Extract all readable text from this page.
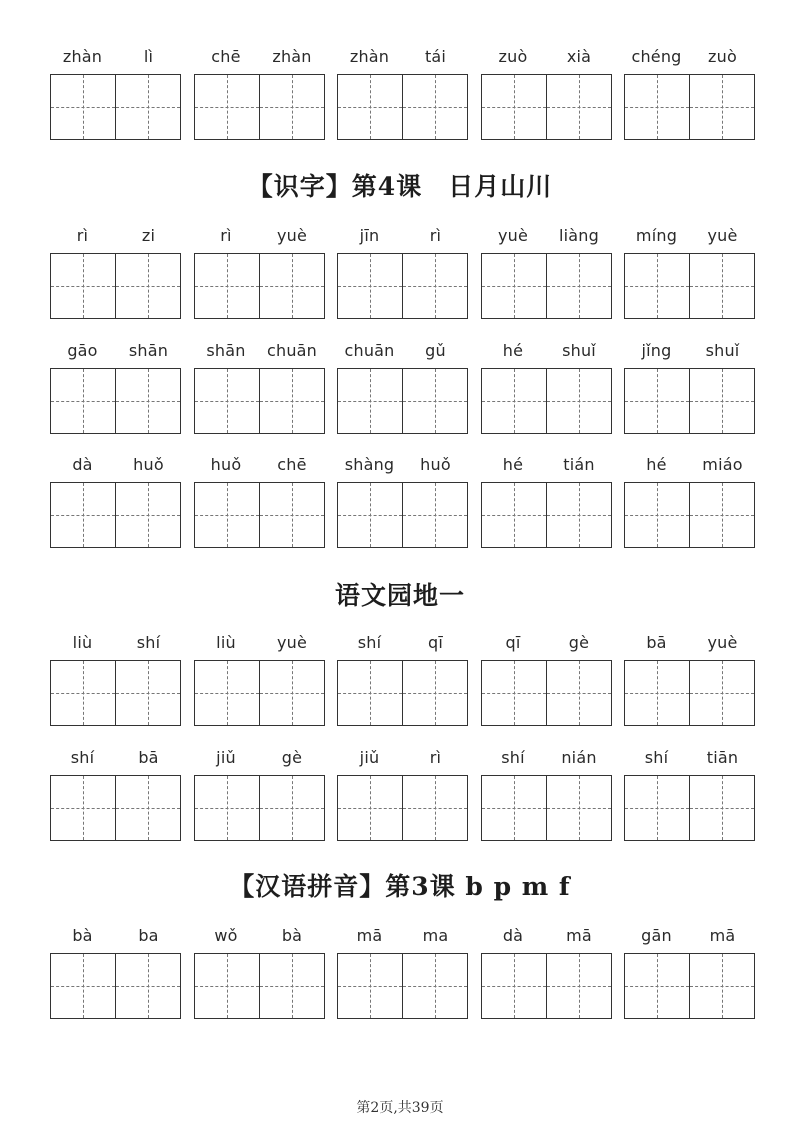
zhàn	lì	chē	zhàn	zhàn	tái	zuò	xià	chéng	zuò
【识字】第4课　日月山川
rì	zi	rì	yuè	jīn	rì	yuè	liàng	míng	yuè
gāo	shān	shān	chuān	chuān	gǔ	hé	shuǐ	jǐng	shuǐ
dà	huǒ	huǒ	chē	shàng	huǒ	hé	tián	hé	miáo
语文园地一
liù	shí	liù	yuè	shí	qī	qī	gè	bā	yuè
shí	bā	jiǔ	gè	jiǔ	rì	shí	nián	shí	tiān
【汉语拼音】第3课 b p m f
bà	ba	wǒ	bà	mā	ma	dà	mā	gān	mā
第2页,共39页
